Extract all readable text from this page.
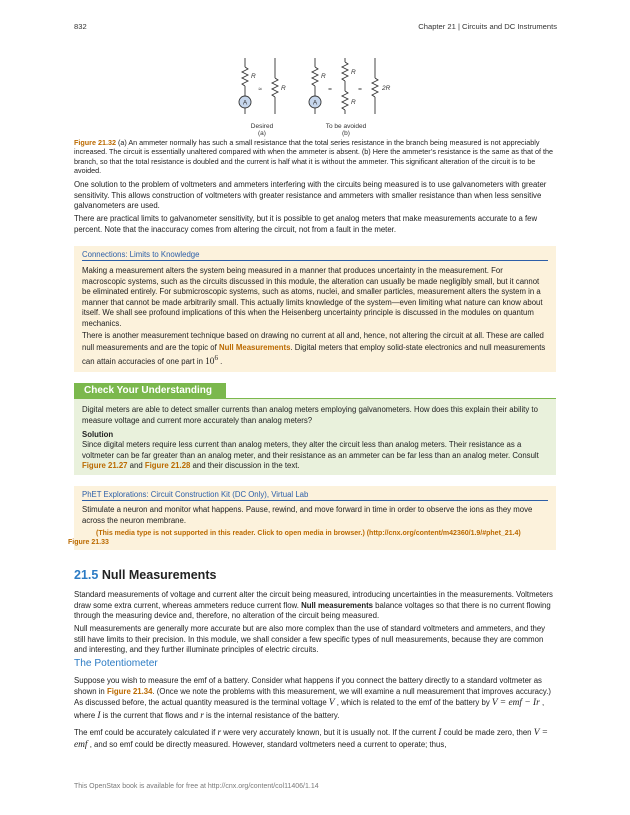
832	Chapter 21 | Circuits and DC Instruments
R
R
R
R
R
2R
A	A
≈	=	=
Desired
(a)
To be avoided
(b)
Figure 21.32 (a) An ammeter normally has such a small resistance that the total series resistance in the branch being measured is not appreciably increased. The circuit is essentially unaltered compared with when the ammeter is absent. (b) Here the ammeter’s resistance is the same as that of the branch, so that the total resistance is doubled and the current is half what it is without the ammeter. This significant alteration of the circuit is to be avoided.
One solution to the problem of voltmeters and ammeters interfering with the circuits being measured is to use galvanometers with greater sensitivity. This allows construction of voltmeters with greater resistance and ammeters with smaller resistance than when less sensitive galvanometers are used.
There are practical limits to galvanometer sensitivity, but it is possible to get analog meters that make measurements accurate to a few percent. Note that the inaccuracy comes from altering the circuit, not from a fault in the meter.
Connections: Limits to Knowledge
Making a measurement alters the system being measured in a manner that produces uncertainty in the measurement. For macroscopic systems, such as the circuits discussed in this module, the alteration can usually be made negligibly small, but it cannot be eliminated entirely. For submicroscopic systems, such as atoms, nuclei, and smaller particles, measurement alters the system in a manner that cannot be made arbitrarily small. This actually limits knowledge of the system—even limiting what nature can know about itself. We shall see profound implications of this when the Heisenberg uncertainty principle is discussed in the modules on quantum mechanics.
There is another measurement technique based on drawing no current at all and, hence, not altering the circuit at all. These are called null measurements and are the topic of Null Measurements. Digital meters that employ solid-state electronics and null measurements can attain accuracies of one part in $10^6$ .
Check Your Understanding
Digital meters are able to detect smaller currents than analog meters employing galvanometers. How does this explain their ability to measure voltage and current more accurately than analog meters?
Solution
Since digital meters require less current than analog meters, they alter the circuit less than analog meters. Their resistance as a voltmeter can be far greater than an analog meter, and their resistance as an ammeter can be far less than an analog meter. Consult Figure 21.27 and Figure 21.28 and their discussion in the text.
PhET Explorations: Circuit Construction Kit (DC Only), Virtual Lab
Stimulate a neuron and monitor what happens. Pause, rewind, and move forward in time in order to observe the ions as they move across the neuron membrane.
(This media type is not supported in this reader. Click to open media in browser.) (http://cnx.org/content/m42360/1.9/#phet_21.4)
Figure 21.33
21.5 Null Measurements
Standard measurements of voltage and current alter the circuit being measured, introducing uncertainties in the measurements. Voltmeters draw some extra current, whereas ammeters reduce current flow. Null measurements balance voltages so that there is no current flowing through the measuring device and, therefore, no alteration of the circuit being measured.
Null measurements are generally more accurate but are also more complex than the use of standard voltmeters and ammeters, and they still have limits to their precision. In this module, we shall consider a few specific types of null measurements, because they are common and interesting, and they further illuminate principles of electric circuits.
The Potentiometer
Suppose you wish to measure the emf of a battery. Consider what happens if you connect the battery directly to a standard voltmeter as shown in Figure 21.34. (Once we note the problems with this measurement, we will examine a null measurement that improves accuracy.) As discussed before, the actual quantity measured is the terminal voltage V , which is related to the emf of the battery by V = emf − Ir , where I is the current that flows and r is the internal resistance of the battery.
The emf could be accurately calculated if r were very accurately known, but it is usually not. If the current I could be made zero, then V = emf , and so emf could be directly measured. However, standard voltmeters need a current to operate; thus,
This OpenStax book is available for free at http://cnx.org/content/col11406/1.14
